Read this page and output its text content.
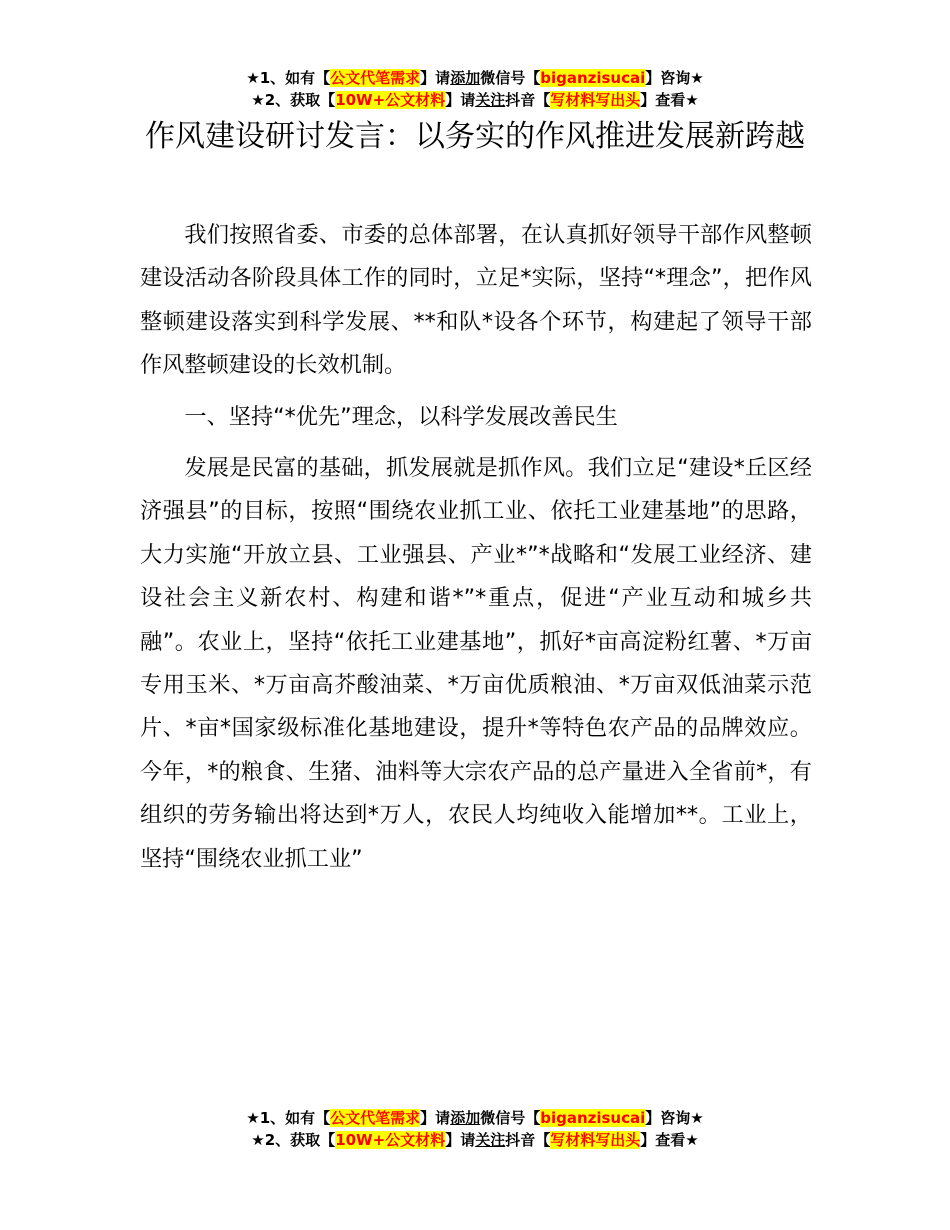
★1、如有【公文代笔需求】请添加微信号【biganzisucai】咨询★
★2、获取【10W+公文材料】请关注抖音【写材料写出头】查看★
作风建设研讨发言：以务实的作风推进发展新跨越

我们按照省委、市委的总体部署，在认真抓好领导干部作风整顿建设活动各阶段具体工作的同时，立足*实际，坚持“*理念”，把作风整顿建设落实到科学发展、**和队*设各个环节，构建起了领导干部作风整顿建设的长效机制。

一、坚持“*优先”理念，以科学发展改善民生

发展是民富的基础，抓发展就是抓作风。我们立足“建设*丘区经济强县”的目标，按照“围绕农业抓工业、依托工业建基地”的思路，大力实施“开放立县、工业强县、产业*”*战略和“发展工业经济、建设社会主义新农村、构建和谐*”*重点，促进“产业互动和城乡共融”。农业上，坚持“依托工业建基地”，抓好*亩高淀粉红薯、*万亩专用玉米、*万亩高芥酸油菜、*万亩优质粮油、*万亩双低油菜示范片、*亩*国家级标准化基地建设，提升*等特色农产品的品牌效应。今年，*的粮食、生猪、油料等大宗农产品的总产量进入全省前*，有组织的劳务输出将达到*万人，农民人均纯收入能增加**。工业上，坚持“围绕农业抓工业”

★1、如有【公文代笔需求】请添加微信号【biganzisucai】咨询★
★2、获取【10W+公文材料】请关注抖音【写材料写出头】查看★
